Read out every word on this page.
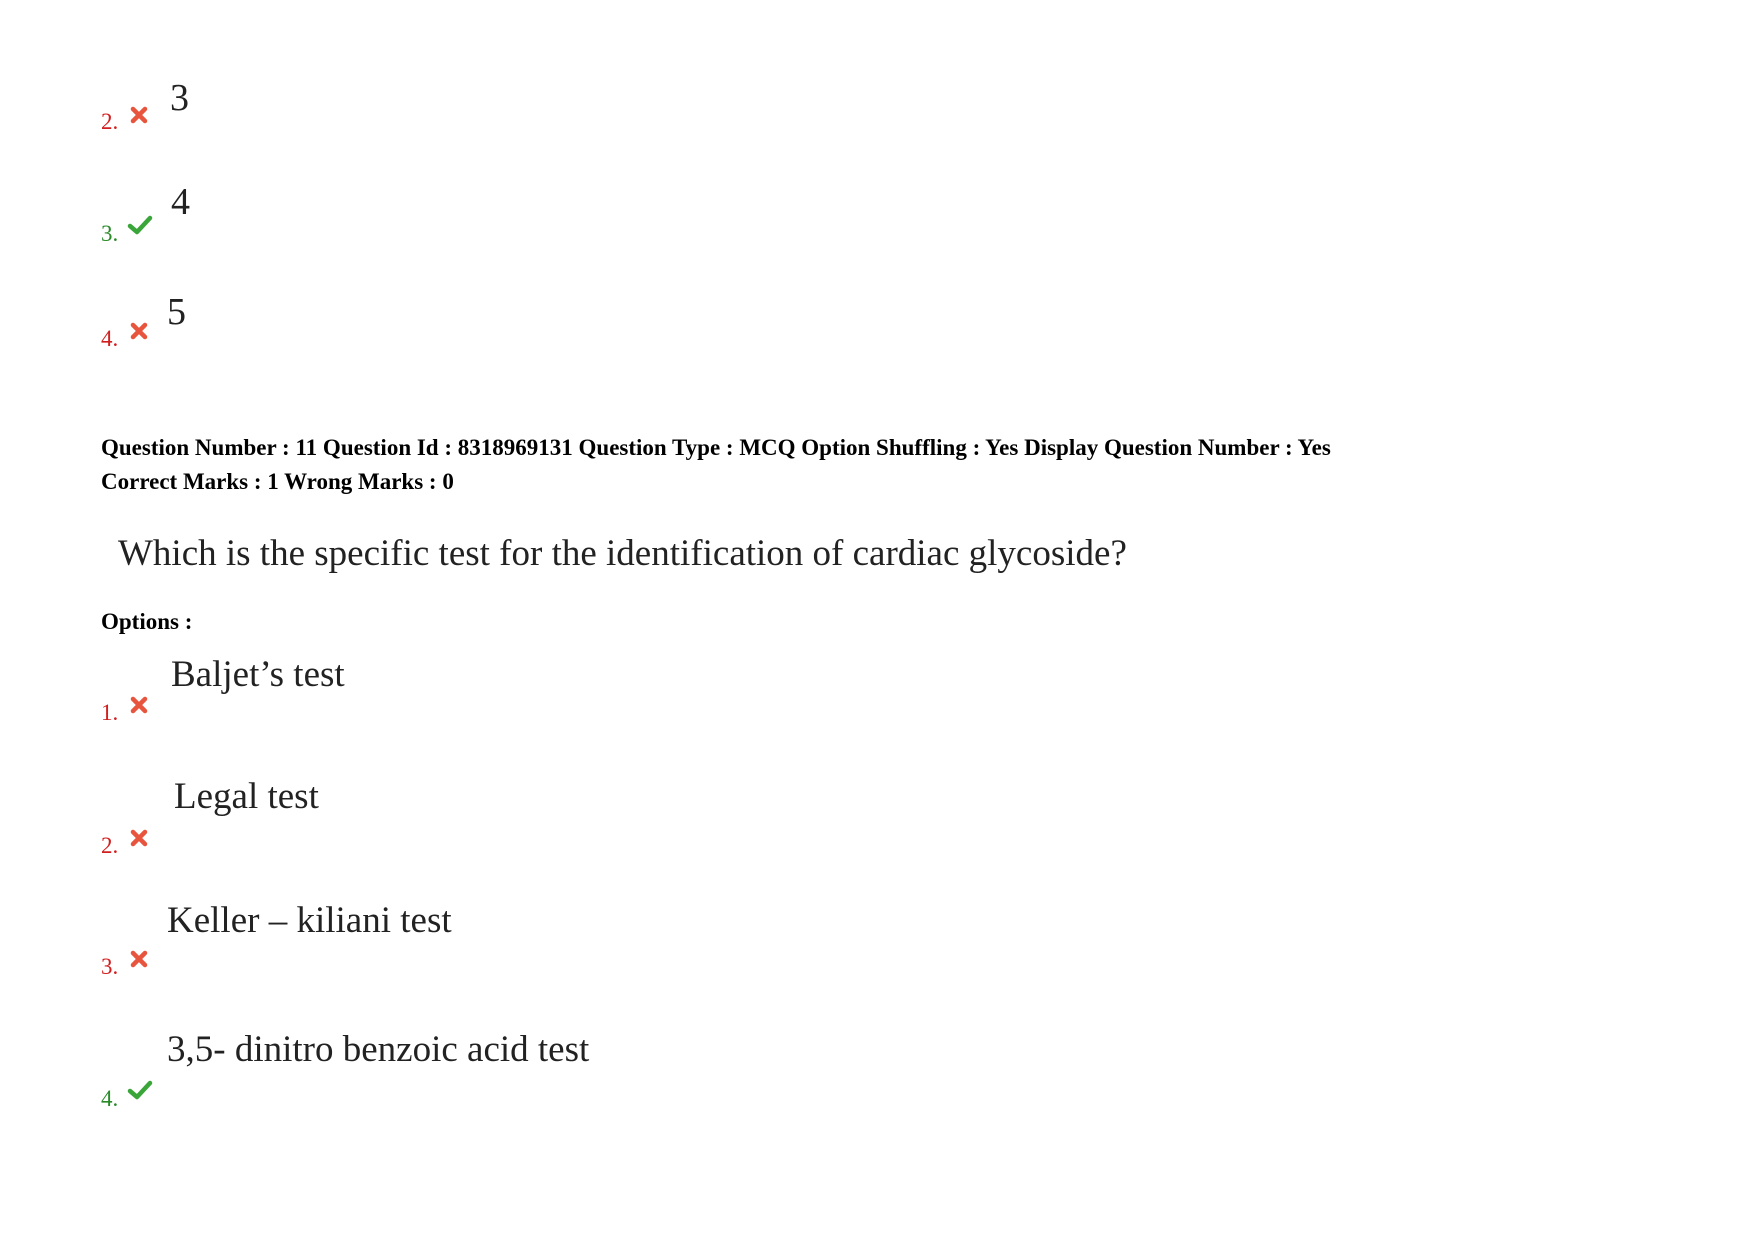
2.
3
3.
4
4.
5
Question Number : 11 Question Id : 8318969131 Question Type : MCQ Option Shuffling : Yes Display Question Number : Yes
Correct Marks : 1 Wrong Marks : 0
Which is the specific test for the identification of cardiac glycoside?
Options :
1.
Baljet’s test
2.
Legal test
3.
Keller – kiliani test
4.
3,5- dinitro benzoic acid test
